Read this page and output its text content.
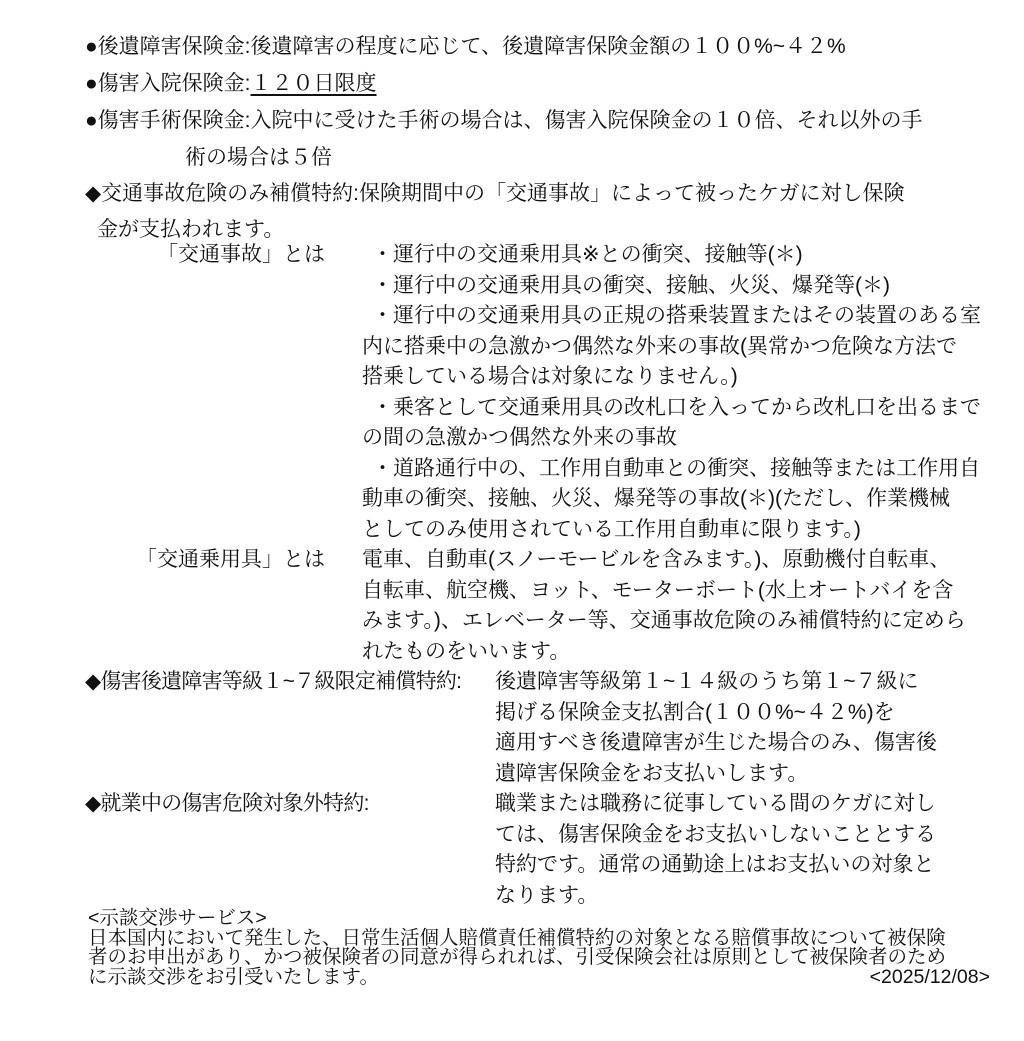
●後遺障害保険金:後遺障害の程度に応じて、後遺障害保険金額の１００%~４２%
●傷害入院保険金:１２０日限度
●傷害手術保険金:入院中に受けた手術の場合は、傷害入院保険金の１０倍、それ以外の手
術の場合は５倍
◆交通事故危険のみ補償特約:保険期間中の「交通事故」によって被ったケガに対し保険
金が支払われます。
「交通事故」とは	・運行中の交通乗用具※との衝突、接触等(＊)
・運行中の交通乗用具の衝突、接触、火災、爆発等(＊)
・運行中の交通乗用具の正規の搭乗装置またはその装置のある室
内に搭乗中の急激かつ偶然な外来の事故(異常かつ危険な方法で
搭乗している場合は対象になりません。)
・乗客として交通乗用具の改札口を入ってから改札口を出るまで
の間の急激かつ偶然な外来の事故
・道路通行中の、工作用自動車との衝突、接触等または工作用自
動車の衝突、接触、火災、爆発等の事故(＊)(ただし、作業機械
としてのみ使用されている工作用自動車に限ります。)
「交通乗用具」とは	電車、自動車(スノーモービルを含みます。)、原動機付自転車、
自転車、航空機、ヨット、モーターボート(水上オートバイを含
みます。)、エレベーター等、交通事故危険のみ補償特約に定めら
れたものをいいます。
◆傷害後遺障害等級１~７級限定補償特約:	後遺障害等級第１~１４級のうち第１~７級に
掲げる保険金支払割合(１００%~４２%)を
適用すべき後遺障害が生じた場合のみ、傷害後
遺障害保険金をお支払いします。
◆就業中の傷害危険対象外特約:	職業または職務に従事している間のケガに対し
ては、傷害保険金をお支払いしないこととする
特約です。通常の通勤途上はお支払いの対象と
なります。
<示談交渉サービス>
日本国内において発生した、日常生活個人賠償責任補償特約の対象となる賠償事故について被保険
者のお申出があり、かつ被保険者の同意が得られれば、引受保険会社は原則として被保険者のため
に示談交渉をお引受いたします。	<2025/12/08>
